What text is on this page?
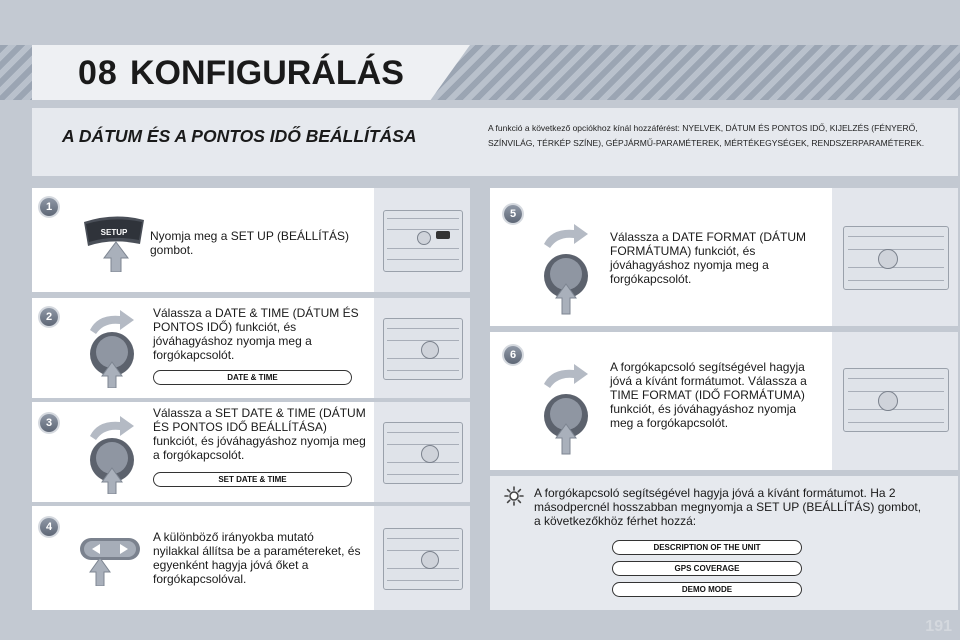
08 KONFIGURÁLÁS
A DÁTUM ÉS A PONTOS IDŐ BEÁLLÍTÁSA	A funkció a következő opciókhoz kínál hozzáférést: NYELVEK, DÁTUM ÉS PONTOS IDŐ, KIJELZÉS (FÉNYERŐ, SZÍNVILÁG, TÉRKÉP SZÍNE), GÉPJÁRMŰ-PARAMÉTEREK, MÉRTÉKEGYSÉGEK, RENDSZERPARAMÉTEREK.
1
SETUP Nyomja meg a SET UP (BEÁLLÍTÁS) gombot.
2	Válassza a DATE & TIME (DÁTUM ÉS PONTOS IDŐ) funkciót, és jóváhagyáshoz nyomja meg a forgókapcsolót.
DATE & TIME
3
Válassza a SET DATE & TIME (DÁTUM ÉS PONTOS IDŐ BEÁLLÍTÁSA) funkciót, és jóváhagyáshoz nyomja meg a forgókapcsolót.
SET DATE & TIME
4
A különböző irányokba mutató nyilakkal állítsa be a paramétereket, és egyenként hagyja jóvá őket a forgókapcsolóval.
5
Válassza a DATE FORMAT (DÁTUM FORMÁTUMA) funkciót, és jóváhagyáshoz nyomja meg a forgókapcsolót.
6
A forgókapcsoló segítségével hagyja jóvá a kívánt formátumot. Válassza a TIME FORMAT (IDŐ FORMÁTUMA) funkciót, és jóváhagyáshoz nyomja meg a forgókapcsolót.
A forgókapcsoló segítségével hagyja jóvá a kívánt formátumot. Ha 2 másodpercnél hosszabban megnyomja a SET UP (BEÁLLÍTÁS) gombot, a következőkhöz férhet hozzá:
DESCRIPTION OF THE UNIT
GPS COVERAGE
DEMO MODE
191
